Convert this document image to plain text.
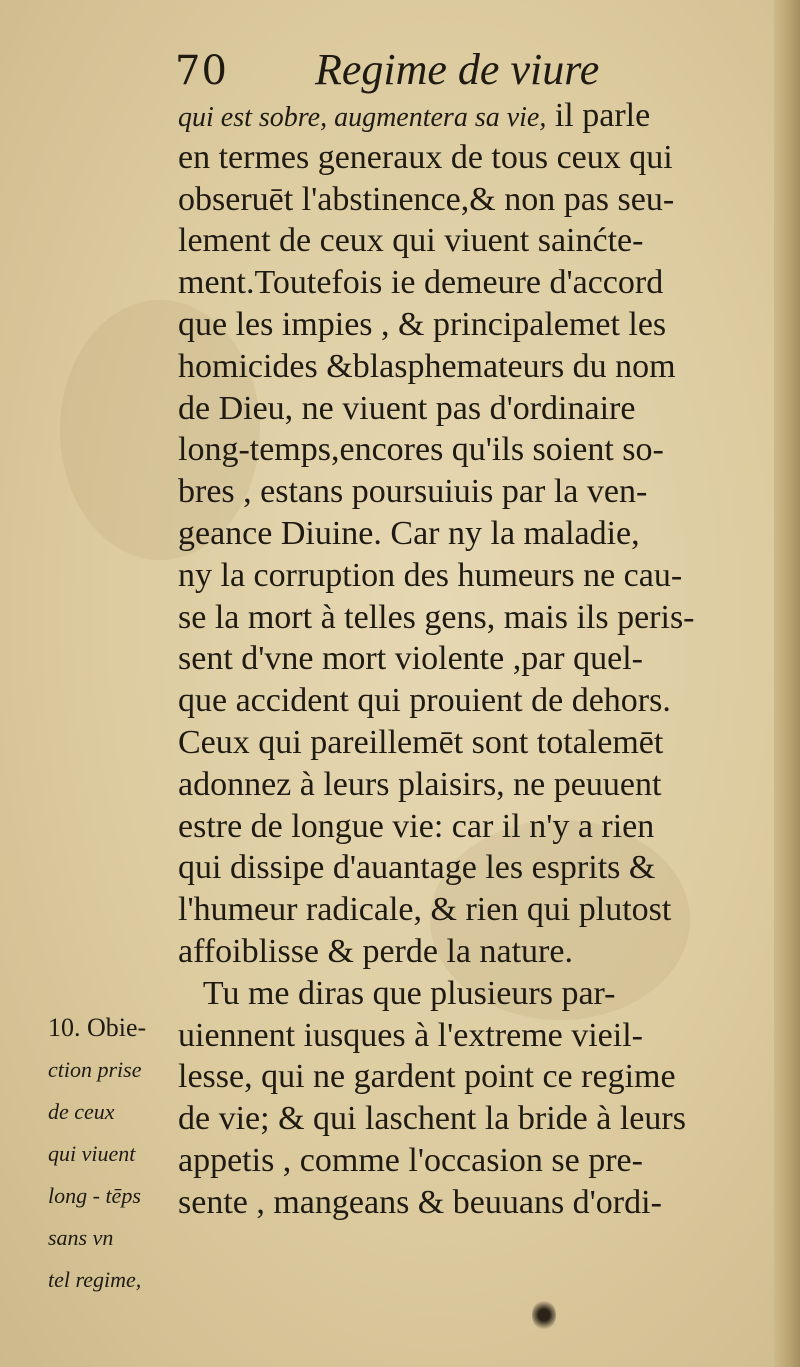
70 Regime de viure
qui est sobre, augmentera sa vie, il parle
en termes generaux de tous ceux qui
obseruēt l'abstinence,& non pas seu-
lement de ceux qui viuent sainćte-
ment.Toutefois ie demeure d'accord
que les impies , & principalemet les
homicides &blasphemateurs du nom
de Dieu, ne viuent pas d'ordinaire
long-temps,encores qu'ils soient so-
bres , estans poursuiuis par la ven-
geance Diuine. Car ny la maladie,
ny la corruption des humeurs ne cau-
se la mort à telles gens, mais ils peris-
sent d'vne mort violente ,par quel-
que accident qui prouient de dehors.
Ceux qui pareillemēt sont totalemēt
adonnez à leurs plaisirs, ne peuuent
estre de longue vie: car il n'y a rien
qui dissipe d'auantage les esprits &
l'humeur radicale, & rien qui plutost
affoiblisse & perde la nature.
Tu me diras que plusieurs par-
uiennent iusques à l'extreme vieil-
lesse, qui ne gardent point ce regime
de vie; & qui laschent la bride à leurs
appetis , comme l'occasion se pre-
sente , mangeans & beuuans d'ordi-
10. Obie-
ction prise
de ceux
qui viuent
long - tēps
sans vn
tel regime,
